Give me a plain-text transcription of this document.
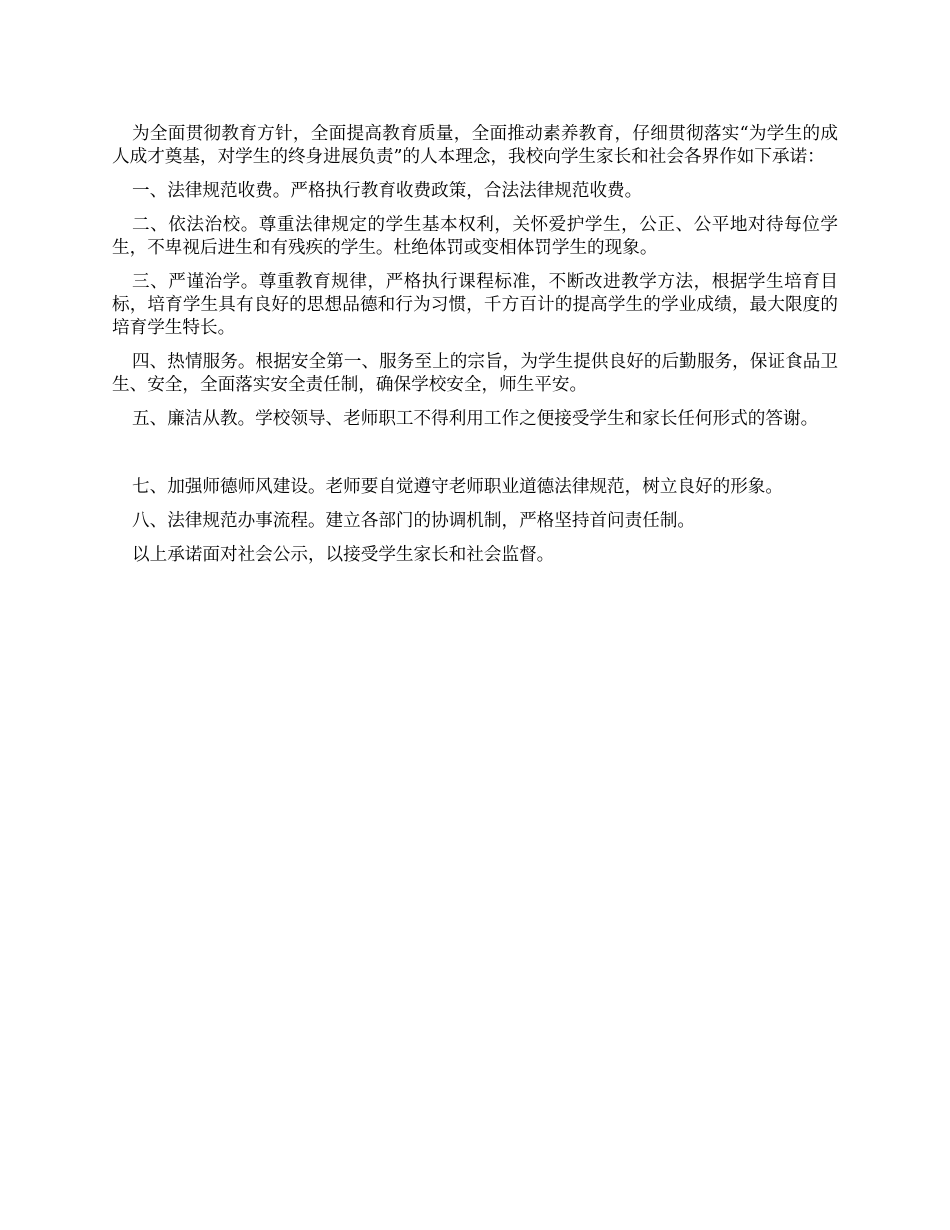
为全面贯彻教育方针，全面提高教育质量，全面推动素养教育，仔细贯彻落实“为学生的成人成才奠基，对学生的终身进展负责”的人本理念，我校向学生家长和社会各界作如下承诺：

一、法律规范收费。严格执行教育收费政策，合法法律规范收费。

二、依法治校。尊重法律规定的学生基本权利，关怀爱护学生，公正、公平地对待每位学生，不卑视后进生和有残疾的学生。杜绝体罚或变相体罚学生的现象。

三、严谨治学。尊重教育规律，严格执行课程标准，不断改进教学方法，根据学生培育目标，培育学生具有良好的思想品德和行为习惯，千方百计的提高学生的学业成绩，最大限度的培育学生特长。

四、热情服务。根据安全第一、服务至上的宗旨，为学生提供良好的后勤服务，保证食品卫生、安全，全面落实安全责任制，确保学校安全，师生平安。

五、廉洁从教。学校领导、老师职工不得利用工作之便接受学生和家长任何形式的答谢。

七、加强师德师风建设。老师要自觉遵守老师职业道德法律规范，树立良好的形象。

八、法律规范办事流程。建立各部门的协调机制，严格坚持首问责任制。

以上承诺面对社会公示，以接受学生家长和社会监督。
